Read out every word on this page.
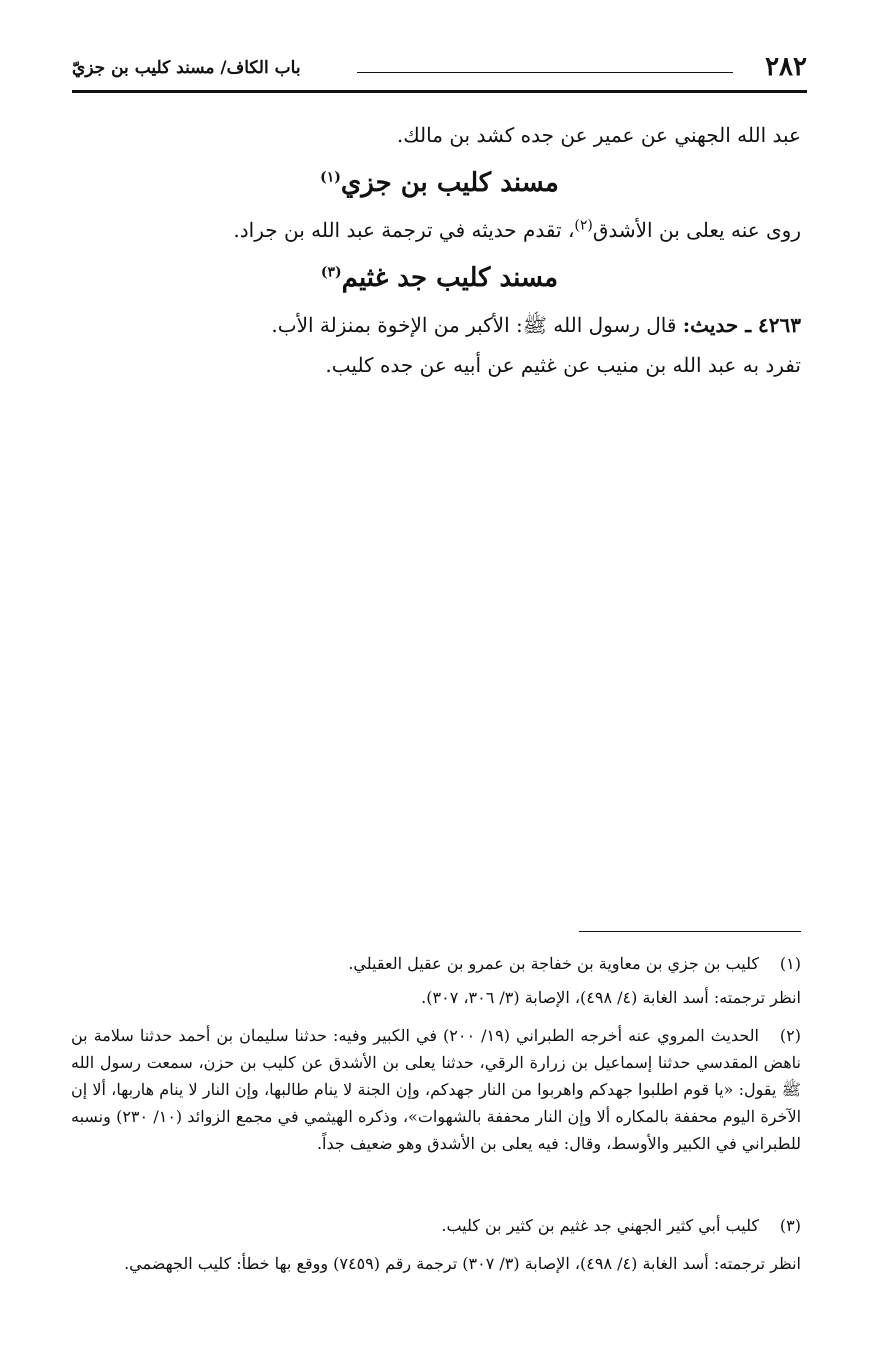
٢٨٢
باب الكاف/ مسند كليب بن جزيّ
عبد الله الجهني عن عمير عن جده كشد بن مالك.
مسند كليب بن جزي$^{(١)}$
روى عنه يعلى بن الأشدق$^{(٢)}$، تقدم حديثه في ترجمة عبد الله بن جراد.
مسند كليب جد غثيم$^{(٣)}$
٤٢٦٣ ـ حديث: قال رسول الله ﷺ: الأكبر من الإخوة بمنزلة الأب.
تفرد به عبد الله بن منيب عن غثيم عن أبيه عن جده كليب.
(١)
كليب بن جزي بن معاوية بن خفاجة بن عمرو بن عقيل العقيلي.
انظر ترجمته: أسد الغابة (٤/ ٤٩٨)، الإصابة (٣/ ٣٠٦، ٣٠٧).
(٢)
الحديث المروي عنه أخرجه الطبراني (١٩/ ٢٠٠) في الكبير وفيه: حدثنا سليمان بن أحمد حدثنا سلامة بن ناهض المقدسي حدثنا إسماعيل بن زرارة الرقي، حدثنا يعلى بن الأشدق عن كليب بن حزن، سمعت رسول الله ﷺ يقول: «يا قوم اطلبوا جهدكم واهربوا من النار جهدكم، وإن الجنة لا ينام طالبها، وإن النار لا ينام هاربها، ألا إن الآخرة اليوم محففة بالمكاره ألا وإن النار محففة بالشهوات»، وذكره الهيثمي في مجمع الزوائد (١٠/ ٢٣٠) ونسبه للطبراني في الكبير والأوسط، وقال: فيه يعلى بن الأشدق وهو ضعيف جداً.
(٣)
كليب أبي كثير الجهني جد غثيم بن كثير بن كليب.
انظر ترجمته: أسد الغابة (٤/ ٤٩٨)، الإصابة (٣/ ٣٠٧) ترجمة رقم (٧٤٥٩) ووقع بها خطأ: كليب الجهضمي.
